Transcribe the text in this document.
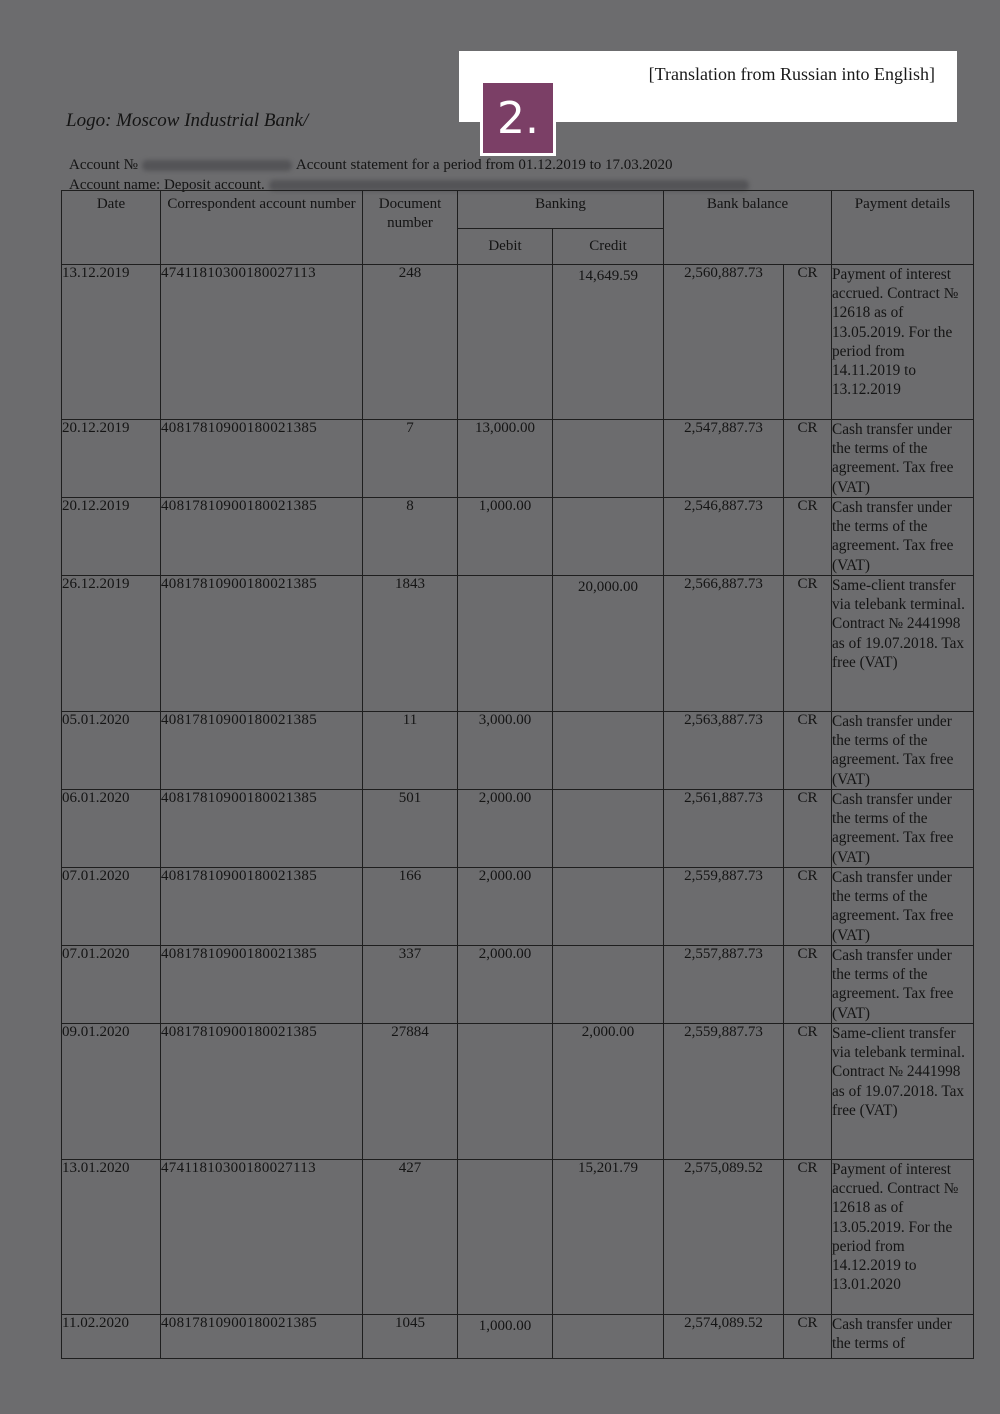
[Translation from Russian into English]
2.
Logo: Moscow Industrial Bank/
Account №	Account statement for a period from 01.12.2019 to 17.03.2020
Account name: Deposit account.
Date	Correspondent account number	Document number	Banking		Bank balance		Payment details
			Debit	Credit			
13.12.2019	47411810300180027113	248		14,649.59	2,560,887.73	CR	Payment of interest accrued. Contract № 12618 as of 13.05.2019. For the period from 14.11.2019 to 13.12.2019
20.12.2019	40817810900180021385	7	13,000.00		2,547,887.73	CR	Cash transfer under the terms of the agreement. Tax free (VAT)
20.12.2019	40817810900180021385	8	1,000.00		2,546,887.73	CR	Cash transfer under the terms of the agreement. Tax free (VAT)
26.12.2019	40817810900180021385	1843		20,000.00	2,566,887.73	CR	Same-client transfer via telebank terminal. Contract № 2441998 as of 19.07.2018. Tax free (VAT)
05.01.2020	40817810900180021385	11	3,000.00		2,563,887.73	CR	Cash transfer under the terms of the agreement. Tax free (VAT)
06.01.2020	40817810900180021385	501	2,000.00		2,561,887.73	CR	Cash transfer under the terms of the agreement. Tax free (VAT)
07.01.2020	40817810900180021385	166	2,000.00		2,559,887.73	CR	Cash transfer under the terms of the agreement. Tax free (VAT)
07.01.2020	40817810900180021385	337	2,000.00		2,557,887.73	CR	Cash transfer under the terms of the agreement. Tax free (VAT)
09.01.2020	40817810900180021385	27884		2,000.00	2,559,887.73	CR	Same-client transfer via telebank terminal. Contract № 2441998 as of 19.07.2018. Tax free (VAT)
13.01.2020	47411810300180027113	427		15,201.79	2,575,089.52	CR	Payment of interest accrued. Contract № 12618 as of 13.05.2019. For the period from 14.12.2019 to 13.01.2020
11.02.2020	40817810900180021385	1045	1,000.00		2,574,089.52	CR	Cash transfer under the terms of
